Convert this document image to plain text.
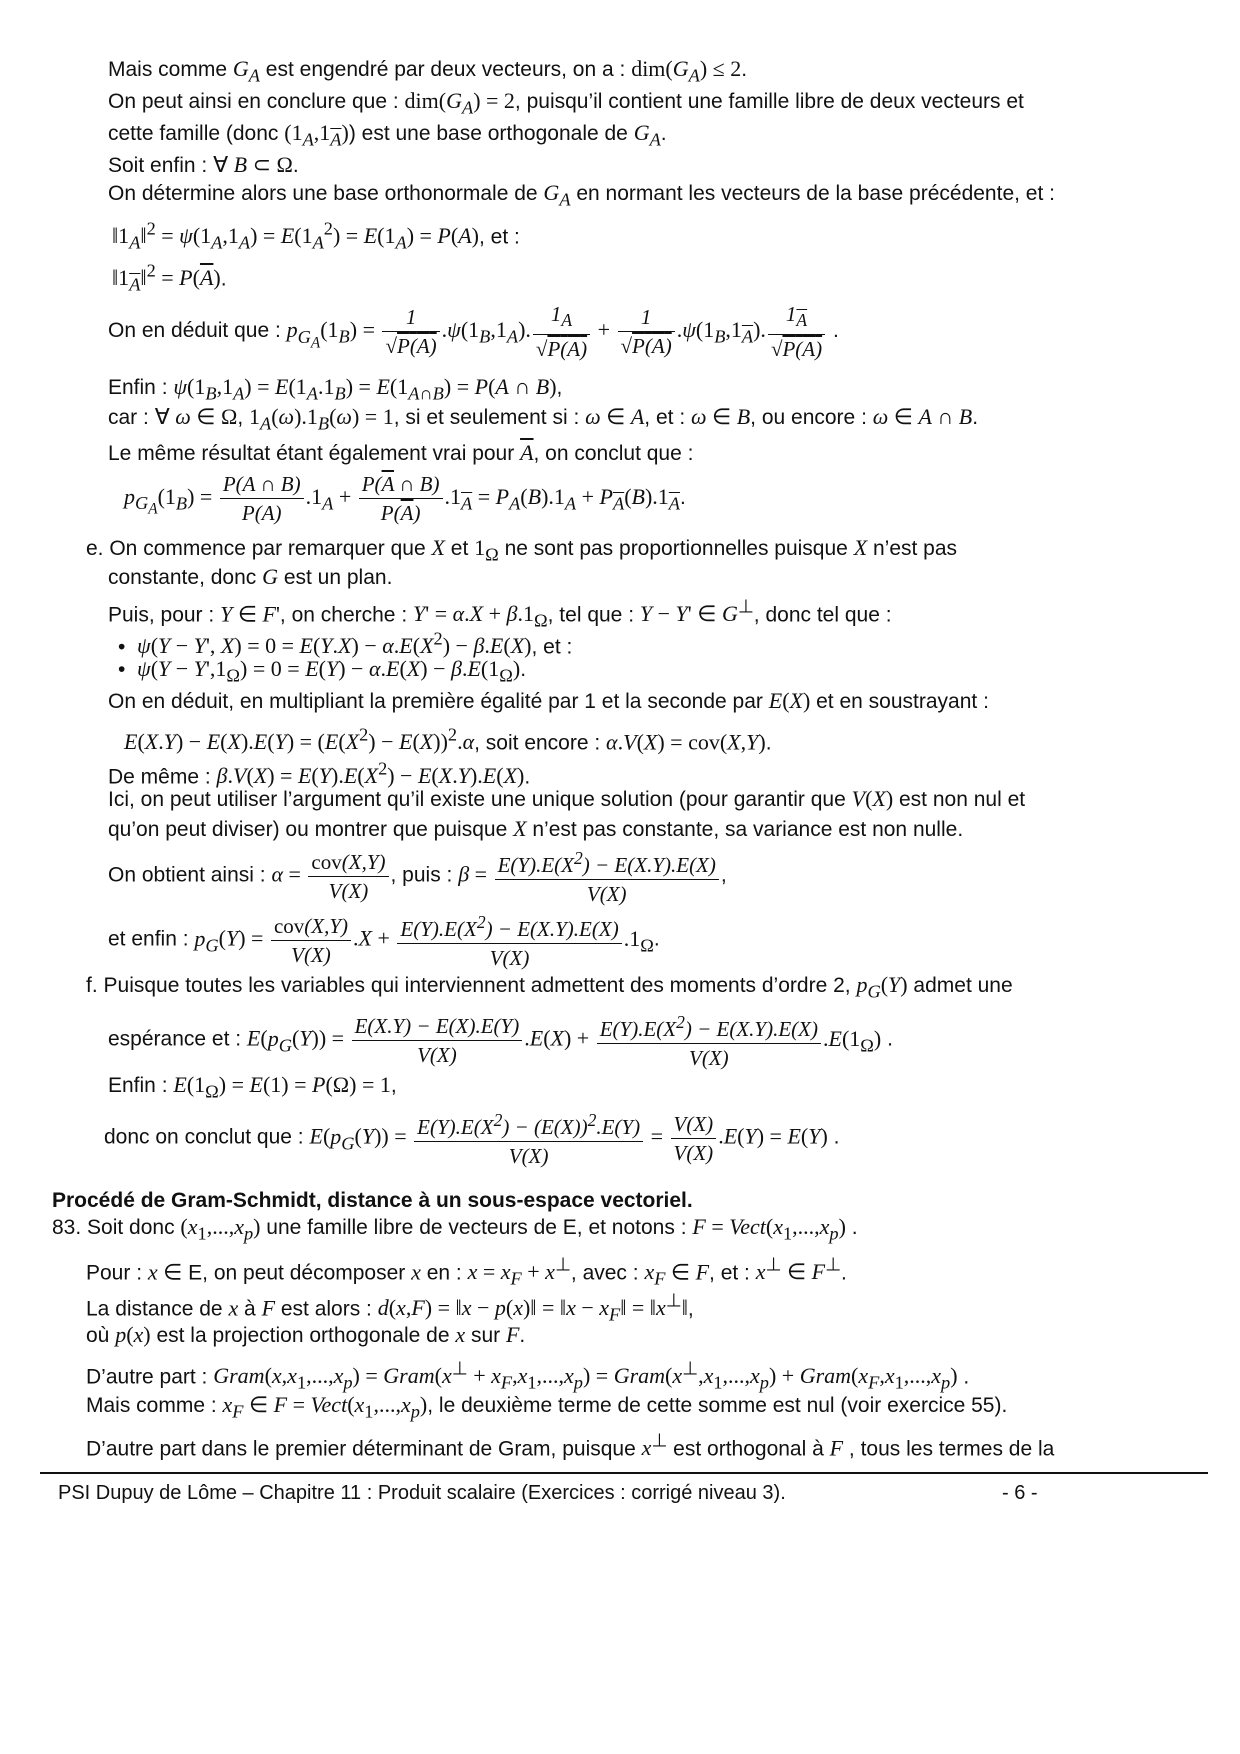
Mais comme $G_A$ est engendré par deux vecteurs, on a : $dim(G_A) \le 2$.
On peut ainsi en conclure que : $dim(G_A) = 2$, puisqu’il contient une famille libre de deux vecteurs et
cette famille (donc $(1_A,1_{\overline{A}})$) est une base orthogonale de $G_A$.
Soit enfin : ∀ B ⊂ Ω.
On détermine alors une base orthonormale de $G_A$ en normant les vecteurs de la base précédente, et :
$‖1_A‖^2 = \psi(1_A,1_A) = E(1_A^2) = E(1_A) = P(A)$, et :
$‖1_{\overline{A}}‖^2 = P(\overline{A})$.
On en déduit que : $p_{G_A}(1_B) = \frac{1}{√P(A)} .\psi(1_B,1_A)$. $\frac{1_A}{√P(A)} + \frac{1}{√P(A)} .\psi(1_B,1_{\overline{A}})$. $\frac{1_{\overline{A}}}{√P(A)}$ .
Enfin : $\psi(1_B,1_A) = E(1_A.1_B) = E(1_{A\cap B}) = P(A$ ∩ B),
car : ∀ ω ∈ Ω, $1_A(\omega).1_B(\omega) = 1$, si et seulement si : ω ∈ A, et : ω ∈ B, ou encore : ω ∈ A ∩ B.
Le même résultat étant également vrai pour $\overline{A}$, on conclut que :
$p_{G_A}(1_B) = \frac{P(A \cap B)}{P(A)} .1_A + \frac{P(\overline{A} \cap B)}{P(\overline{A})} .1_{\overline{A}} = P_A(B).1_A + P_{\overline{A}}(B).1_{\overline{A}}$.
e. On commence par remarquer que X et $1_\Omega$ ne sont pas proportionnelles puisque X n’est pas
constante, donc G est un plan.
Puis, pour : Y ∈ F', on cherche : $Y' = \alpha.X + \beta.1_\Omega$, tel que : Y − Y' ∈ G⊥, donc tel que :
•  ψ(Y − Y', $X) = 0 = E(Y.X) - \alpha.E(X^2) - \beta.E(X)$, et :
•  $\psi(Y - Y',1_\Omega) = 0 = E(Y) - \alpha.E(X) - \beta.E(1_\Omega)$.
On en déduit, en multipliant la première égalité par 1 et la seconde par E(X) et en soustrayant :
$E(X.Y) - E(X).E(Y) = (E(X^2) - E(X))^2.\alpha$, soit encore : α.V(X) = cov(X,Y).
De même : $\beta.V(X) = E(Y).E(X^2) - E(X.Y).E(X)$.
Ici, on peut utiliser l’argument qu’il existe une unique solution (pour garantir que V(X) est non nul et
qu’on peut diviser) ou montrer que puisque X n’est pas constante, sa variance est non nulle.
On obtient ainsi : $\alpha = \frac{\text{cov(X,Y)}}{V(X)}$ , puis : $\beta = \frac{E(Y).E(X^2) - E(X.Y).E(X)}{V(X)}$ ,
et enfin : $p_G(Y) = \frac{\text{cov(X,Y)}}{V(X)} .X + \frac{E(Y).E(X^2) - E(X.Y).E(X)}{V(X)} .1_\Omega$.
f. Puisque toutes les variables qui interviennent admettent des moments d’ordre 2, $p_G(Y)$ admet une
espérance et : $E(p_G(Y)) = \frac{E(X.Y) - E(X).E(Y)}{V(X)} .E(X) + \frac{E(Y).E(X^2) - E(X.Y).E(X)}{V(X)} .E(1_\Omega)$ .
Enfin : $E(1_\Omega) = E(1) = P(\Omega) = 1$,
donc on conclut que : $E(p_G(Y)) = \frac{E(Y).E(X^2) - (E(X))^2.E(Y)}{V(X)} = \frac{V(X)}{V(X)} .E(Y) = E(Y)$ .
Procédé de Gram-Schmidt, distance à un sous-espace vectoriel.
83. Soit donc $(x_1,...,x_p)$ une famille libre de vecteurs de E, et notons : $F = Vect(x_1,...,x_p)$ .
Pour : x ∈ E, on peut décomposer x en : $x = x_F + x^\perp$, avec : $x_F$ ∈ F, et : x⊥ ∈ F⊥.
La distance de x à F est alors : d(x,F) = ‖x − p(x)‖ = ‖x − $x_F‖$ = ‖x⊥‖,
où p(x) est la projection orthogonale de x sur F.
D’autre part : $Gram(x,x_1,...,x_p)$ = Gram(x⊥ + $x_F,x_1,...,x_p$) = $Gram(x^\perp,x_1,...,x_p)$ + $Gram(x_F,x_1,...,x_p)$ .
Mais comme : $x_F$ ∈ $F = Vect(x_1,...,x_p)$, le deuxième terme de cette somme est nul (voir exercice 55).
D’autre part dans le premier déterminant de Gram, puisque x⊥ est orthogonal à F , tous les termes de la
PSI Dupuy de Lôme – Chapitre 11 : Produit scalaire (Exercices : corrigé niveau 3).	- 6 -
